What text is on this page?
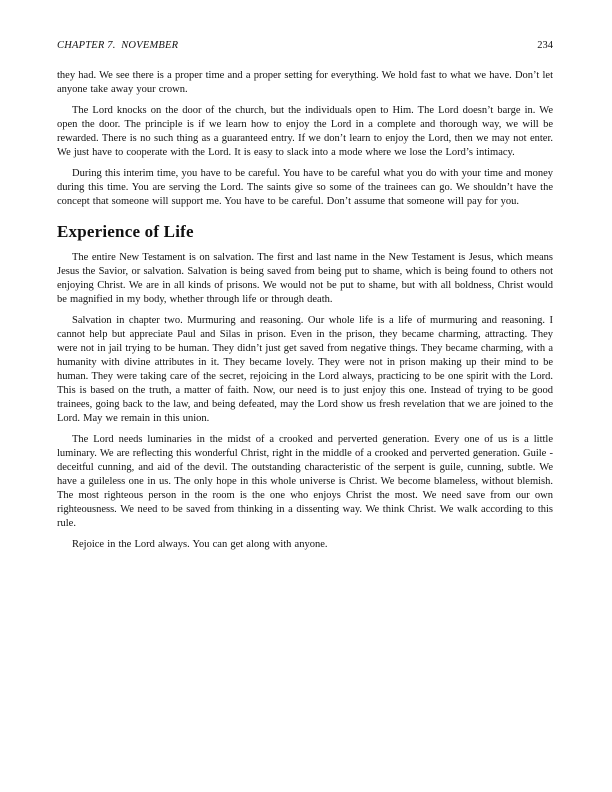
CHAPTER 7.  NOVEMBER	234

they had. We see there is a proper time and a proper setting for everything. We hold fast to what we have. Don’t let anyone take away your crown.

The Lord knocks on the door of the church, but the individuals open to Him. The Lord doesn’t barge in. We open the door. The principle is if we learn how to enjoy the Lord in a complete and thorough way, we will be rewarded. There is no such thing as a guaranteed entry. If we don’t learn to enjoy the Lord, then we may not enter. We just have to cooperate with the Lord. It is easy to slack into a mode where we lose the Lord’s intimacy.

During this interim time, you have to be careful. You have to be careful what you do with your time and money during this time. You are serving the Lord. The saints give so some of the trainees can go. We shouldn’t have the concept that someone will support me. You have to be careful. Don’t assume that someone will pay for you.

Experience of Life

The entire New Testament is on salvation. The first and last name in the New Testament is Jesus, which means Jesus the Savior, or salvation. Salvation is being saved from being put to shame, which is being found to others not enjoying Christ. We are in all kinds of prisons. We would not be put to shame, but with all boldness, Christ would be magnified in my body, whether through life or through death.

Salvation in chapter two. Murmuring and reasoning. Our whole life is a life of murmuring and reasoning. I cannot help but appreciate Paul and Silas in prison. Even in the prison, they became charming, attracting. They were not in jail trying to be human. They didn’t just get saved from negative things. They became charming, with a humanity with divine attributes in it. They became lovely. They were not in prison making up their mind to be human. They were taking care of the secret, rejoicing in the Lord always, practicing to be one spirit with the Lord. This is based on the truth, a matter of faith. Now, our need is to just enjoy this one. Instead of trying to be good trainees, going back to the law, and being defeated, may the Lord show us fresh revelation that we are joined to the Lord. May we remain in this union.

The Lord needs luminaries in the midst of a crooked and perverted generation. Every one of us is a little luminary. We are reflecting this wonderful Christ, right in the middle of a crooked and perverted generation. Guile - deceitful cunning, and aid of the devil. The outstanding characteristic of the serpent is guile, cunning, subtle. We have a guileless one in us. The only hope in this whole universe is Christ. We become blameless, without blemish. The most righteous person in the room is the one who enjoys Christ the most. We need save from our own righteousness. We need to be saved from thinking in a dissenting way. We think Christ. We walk according to this rule.

Rejoice in the Lord always. You can get along with anyone.
